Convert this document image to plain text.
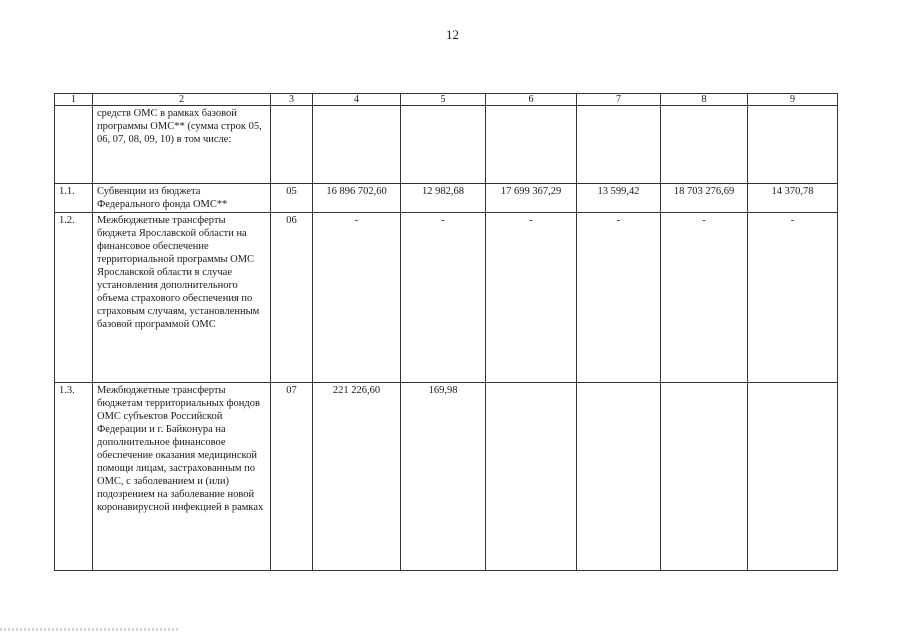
12
1	2	3	4	5	6	7	8	9
	средств ОМС в рамках базовой программы ОМС** (сумма строк 05, 06, 07, 08, 09, 10) в том числе:							
1.1.	Субвенции из бюджета Федерального фонда ОМС**	05	16 896 702,60	12 982,68	17 699 367,29	13 599,42	18 703 276,69	14 370,78
1.2.	Межбюджетные трансферты бюджета Ярославской области на финансовое обеспечение территориальной программы ОМС Ярославской области в случае установления дополнительного объема страхового обеспечения по страховым случаям, установленным базовой программой ОМС	06	-	-	-	-	-	-
1.3.	Межбюджетные трансферты бюджетам территориальных фондов ОМС субъектов Российской Федерации и г. Байконура на дополнительное финансовое обеспечение оказания медицинской помощи лицам, застрахованным по ОМС, с заболеванием и (или) подозрением на заболевание новой коронавирусной инфекцией в рамках	07	221 226,60	169,98				
